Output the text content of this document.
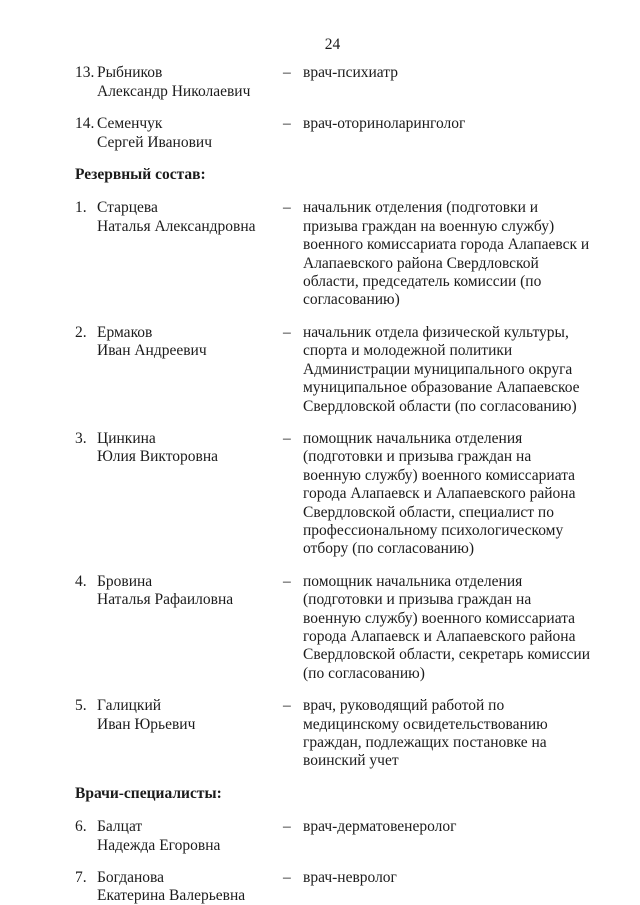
24
13. Рыбников
Александр Николаевич
– врач-психиатр
14. Семенчук
Сергей Иванович
– врач-оториноларинголог
Резервный состав:
1. Старцева
Наталья Александровна
– начальник отделения (подготовки и призыва граждан на военную службу) военного комиссариата города Алапаевск и Алапаевского района Свердловской области, председатель комиссии (по согласованию)
2. Ермаков
Иван Андреевич
– начальник отдела физической культуры, спорта и молодежной политики Администрации муниципального округа муниципальное образование Алапаевское Свердловской области (по согласованию)
3. Цинкина
Юлия Викторовна
– помощник начальника отделения (подготовки и призыва граждан на военную службу) военного комиссариата города Алапаевск и Алапаевского района Свердловской области, специалист по профессиональному психологическому отбору (по согласованию)
4. Бровина
Наталья Рафаиловна
– помощник начальника отделения (подготовки и призыва граждан на военную службу) военного комиссариата города Алапаевск и Алапаевского района Свердловской области, секретарь комиссии (по согласованию)
5. Галицкий
Иван Юрьевич
– врач, руководящий работой по медицинскому освидетельствованию граждан, подлежащих постановке на воинский учет
Врачи-специалисты:
6. Балцат
Надежда Егоровна
– врач-дерматовенеролог
7. Богданова
Екатерина Валерьевна
– врач-невролог
